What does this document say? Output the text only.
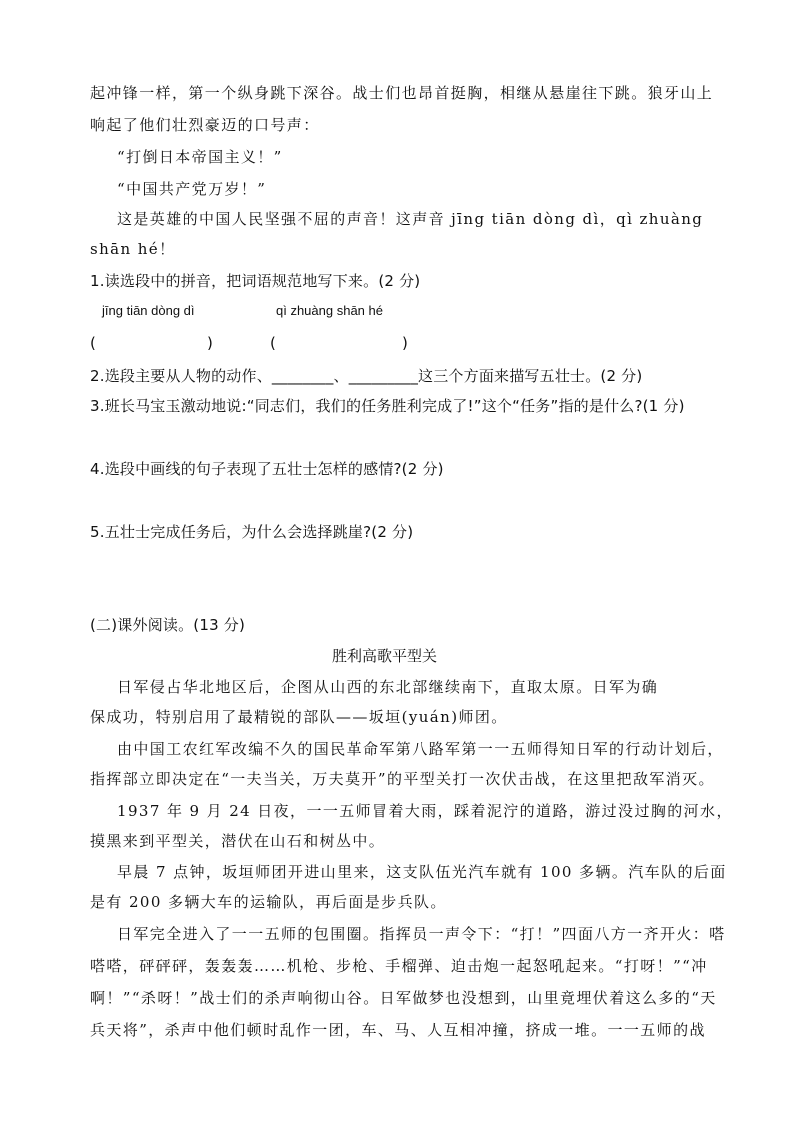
起冲锋一样，第一个纵身跳下深谷。战士们也昂首挺胸，相继从悬崖往下跳。狼牙山上
响起了他们壮烈豪迈的口号声：
“打倒日本帝国主义！”
“中国共产党万岁！”
这是英雄的中国人民坚强不屈的声音！这声音 jīng tiān dòng dì，qì zhuàng
shān hé！
1.读选段中的拼音，把词语规范地写下来。(2 分)
jīng tiān dòng dì	qì zhuàng shān hé
(	)	(	)
2.选段主要从人物的动作、________、_________这三个方面来描写五壮士。(2 分)
3.班长马宝玉激动地说:“同志们，我们的任务胜利完成了!”这个“任务”指的是什么?(1 分)
4.选段中画线的句子表现了五壮士怎样的感情?(2 分)
5.五壮士完成任务后，为什么会选择跳崖?(2 分)
(二)课外阅读。(13 分)
胜利高歌平型关
日军侵占华北地区后，企图从山西的东北部继续南下，直取太原。日军为确
保成功，特别启用了最精锐的部队——坂垣(yuán)师团。
由中国工农红军改编不久的国民革命军第八路军第一一五师得知日军的行动计划后，
指挥部立即决定在“一夫当关，万夫莫开”的平型关打一次伏击战，在这里把敌军消灭。
1937 年 9 月 24 日夜，一一五师冒着大雨，踩着泥泞的道路，游过没过胸的河水，
摸黑来到平型关，潜伏在山石和树丛中。
早晨 7 点钟，坂垣师团开进山里来，这支队伍光汽车就有 100 多辆。汽车队的后面
是有 200 多辆大车的运输队，再后面是步兵队。
日军完全进入了一一五师的包围圈。指挥员一声令下：“打！”四面八方一齐开火：嗒
嗒嗒，砰砰砰，轰轰轰……机枪、步枪、手榴弹、迫击炮一起怒吼起来。“打呀！”“冲
啊！”“杀呀！”战士们的杀声响彻山谷。日军做梦也没想到，山里竟埋伏着这么多的“天
兵天将”，杀声中他们顿时乱作一团，车、马、人互相冲撞，挤成一堆。一一五师的战
